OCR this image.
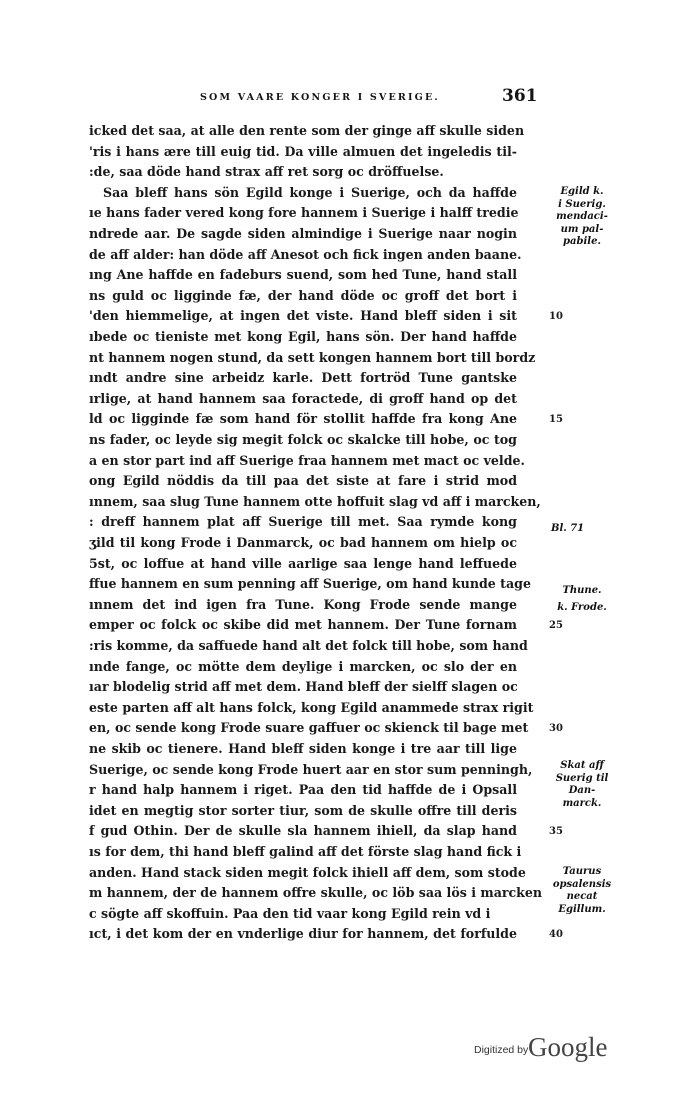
SOM VAARE KONGER I SVERIGE.	361
icked det saa, at alle den rente som der ginge aff skulle siden
'ris i hans ære till euig tid. Da ville almuen det ingeledis til-
:de, saa döde hand strax aff ret sorg oc dröffuelse.
Saa bleff hans sön Egild konge i Suerige, och da haffde
ıe hans fader vered kong fore hannem i Suerige i halff tredie
ndrede aar. De sagde siden almindige i Suerige naar nogin
de aff alder: han döde aff Anesot och fick ingen anden baane.
ıng Ane haffde en fadeburs suend, som hed Tune, hand stall
ns guld oc ligginde fæ, der hand döde oc groff det bort i
'den hiemmelige, at ingen det viste. Hand bleff siden i sit
ıbede oc tieniste met kong Egil, hans sön. Der hand haffde
nt hannem nogen stund, da sett kongen hannem bort till bordz
ındt andre sine arbeidz karle. Dett fortröd Tune gantske
ırlige, at hand hannem saa foractede, di groff hand op det
ld oc ligginde fæ som hand för stollit haffde fra kong Ane
ns fader, oc leyde sig megit folck oc skalcke till hobe, oc tog
a en stor part ind aff Suerige fraa hannem met mact oc velde.
ong Egild nöddis da till paa det siste at fare i strid mod
ınnem, saa slug Tune hannem otte hoffuit slag vd aff i marcken,
: dreff hannem plat aff Suerige till met. Saa rymde kong
ʒild til kong Frode i Danmarck, oc bad hannem om hielp oc
5st, oc loffue at hand ville aarlige saa lenge hand leffuede
ffue hannem en sum penning aff Suerige, om hand kunde tage
ınnem det ind igen fra Tune. Kong Frode sende mange
emper oc folck oc skibe did met hannem. Der Tune fornam
:ris komme, da saffuede hand alt det folck till hobe, som hand
ınde fange, oc mötte dem deylige i marcken, oc slo der en
ıar blodelig strid aff met dem. Hand bleff der sielff slagen oc
este parten aff alt hans folck, kong Egild anammede strax rigit
en, oc sende kong Frode suare gaffuer oc skienck til bage met
ne skib oc tienere. Hand bleff siden konge i tre aar till lige
Suerige, oc sende kong Frode huert aar en stor sum penningh,
r hand halp hannem i riget. Paa den tid haffde de i Opsall
idet en megtig stor sorter tiur, som de skulle offre till deris
f gud Othin. Der de skulle sla hannem ihiell, da slap hand
ıs for dem, thi hand bleff galind aff det förste slag hand fick i
anden. Hand stack siden megit folck ihiell aff dem, som stode
m hannem, der de hannem offre skulle, oc löb saa lös i marcken
c sögte aff skoffuin. Paa den tid vaar kong Egild rein vd i
ıct, i det kom der en vnderlige diur for hannem, det forfulde
10
15
25
30
35
40
Egild k.
i Suerig.
mendaci-
um pal-
pabile.
Bl. 71
Thune.
k. Frode.
Skat aff
Suerig til
Dan-
marck.
Taurus
opsalensis
necat
Egillum.
Digitized by Google
